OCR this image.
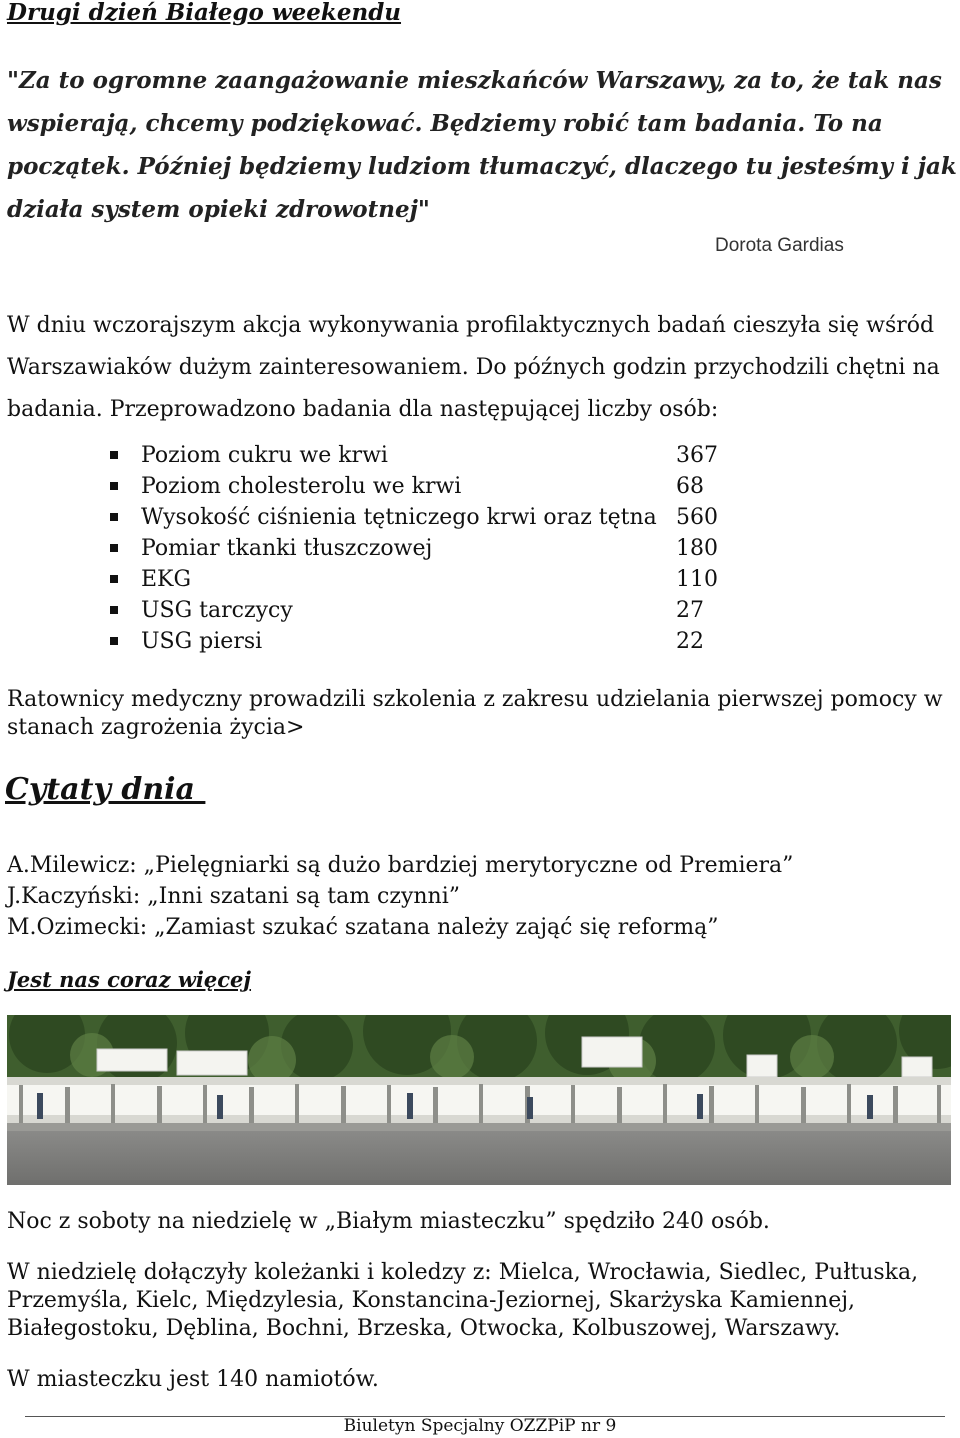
Drugi dzień Białego weekendu
"Za to ogromne zaangażowanie mieszkańców Warszawy, za to, że tak nas
wspierają, chcemy podziękować. Będziemy robić tam badania. To na
początek. Później będziemy ludziom tłumaczyć, dlaczego tu jesteśmy i jak
działa system opieki zdrowotnej"
Dorota Gardias
W dniu wczorajszym akcja wykonywania profilaktycznych badań cieszyła się wśród
Warszawiaków dużym zainteresowaniem. Do późnych godzin przychodzili chętni na
badania. Przeprowadzono badania dla następującej liczby osób:
Poziom cukru we krwi	367
Poziom cholesterolu we krwi	68
Wysokość ciśnienia tętniczego krwi oraz tętna 560
Pomiar tkanki tłuszczowej	180
EKG	110
USG tarczycy	27
USG piersi	22
Ratownicy medyczny prowadzili szkolenia z zakresu udzielania pierwszej pomocy w
stanach zagrożenia życia>
Cytaty dnia
A.Milewicz: „Pielęgniarki są dużo bardziej merytoryczne od Premiera”
J.Kaczyński: „Inni szatani są tam czynni”
M.Ozimecki: „Zamiast szukać szatana należy zająć się reformą”
Jest nas coraz więcej
Noc z soboty na niedzielę w „Białym miasteczku” spędziło 240 osób.
W niedzielę dołączyły koleżanki i koledzy z: Mielca, Wrocławia, Siedlec, Pułtuska,
Przemyśla, Kielc, Międzylesia, Konstancina-Jeziornej, Skarżyska Kamiennej,
Białegostoku, Dęblina, Bochni, Brzeska, Otwocka, Kolbuszowej, Warszawy.
W miasteczku jest 140 namiotów.
Biuletyn Specjalny OZZPiP nr 9
